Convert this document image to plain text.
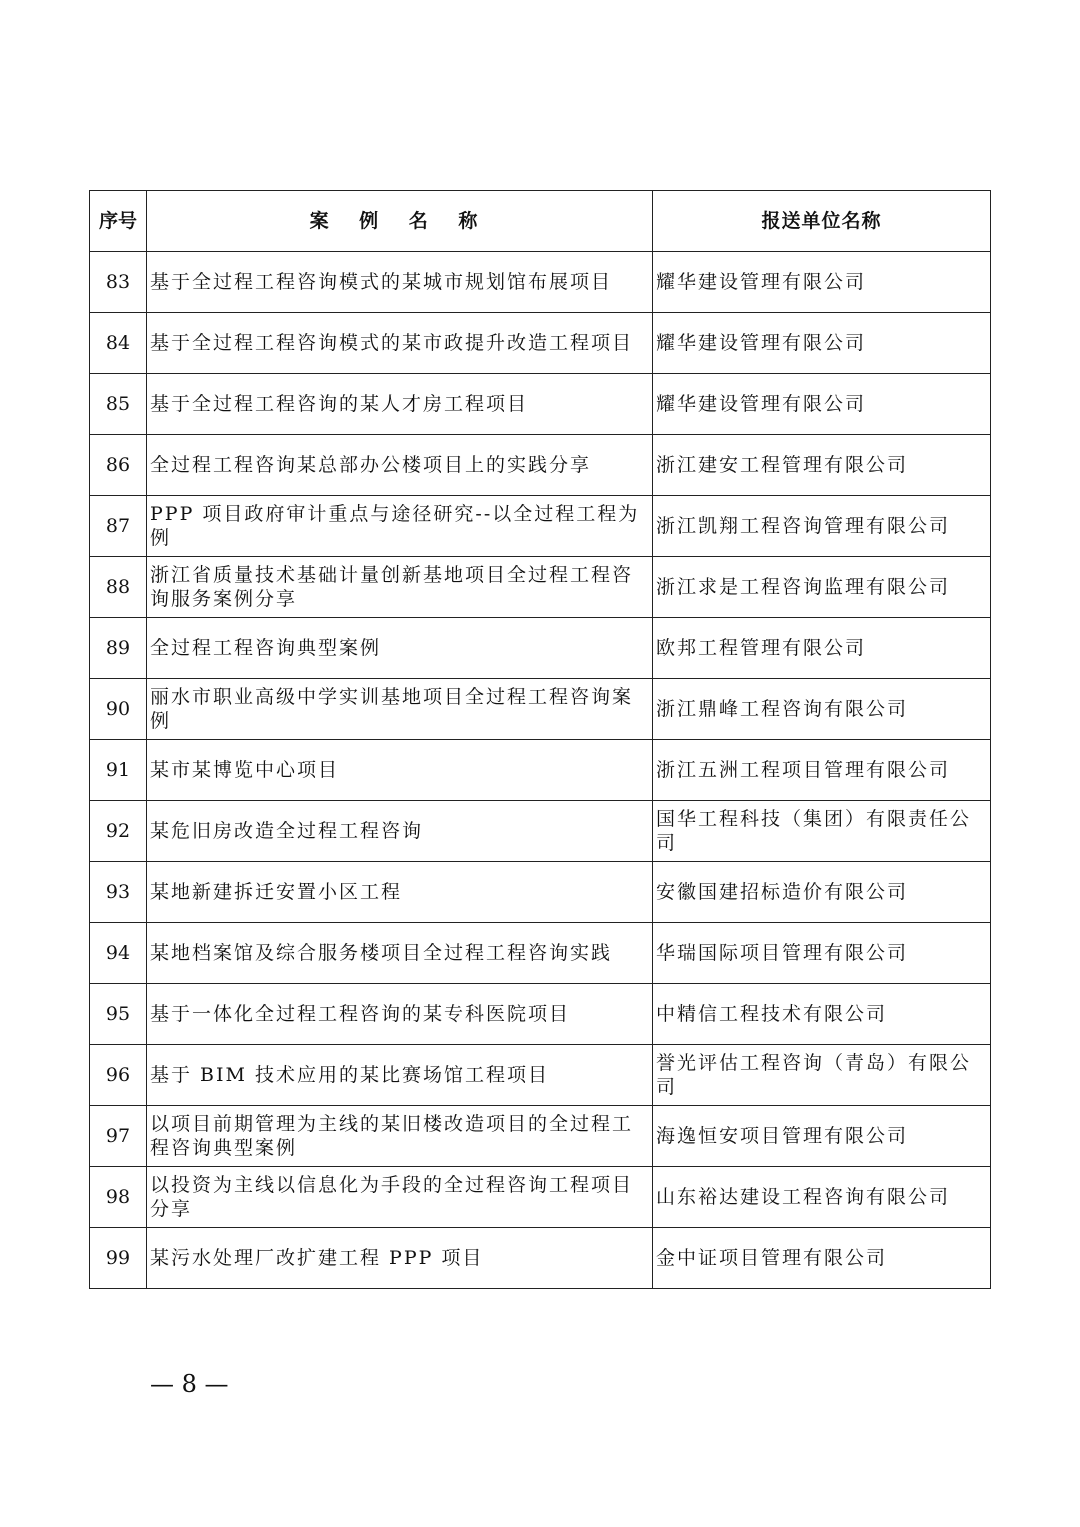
序号	案 例 名 称	报送单位名称
83	基于全过程工程咨询模式的某城市规划馆布展项目	耀华建设管理有限公司
84	基于全过程工程咨询模式的某市政提升改造工程项目	耀华建设管理有限公司
85	基于全过程工程咨询的某人才房工程项目	耀华建设管理有限公司
86	全过程工程咨询某总部办公楼项目上的实践分享	浙江建安工程管理有限公司
87	PPP 项目政府审计重点与途径研究--以全过程工程为例	浙江凯翔工程咨询管理有限公司
88	浙江省质量技术基础计量创新基地项目全过程工程咨询服务案例分享	浙江求是工程咨询监理有限公司
89	全过程工程咨询典型案例	欧邦工程管理有限公司
90	丽水市职业高级中学实训基地项目全过程工程咨询案例	浙江鼎峰工程咨询有限公司
91	某市某博览中心项目	浙江五洲工程项目管理有限公司
92	某危旧房改造全过程工程咨询	国华工程科技（集团）有限责任公司
93	某地新建拆迁安置小区工程	安徽国建招标造价有限公司
94	某地档案馆及综合服务楼项目全过程工程咨询实践	华瑞国际项目管理有限公司
95	基于一体化全过程工程咨询的某专科医院项目	中精信工程技术有限公司
96	基于 BIM 技术应用的某比赛场馆工程项目	誉光评估工程咨询（青岛）有限公司
97	以项目前期管理为主线的某旧楼改造项目的全过程工程咨询典型案例	海逸恒安项目管理有限公司
98	以投资为主线以信息化为手段的全过程咨询工程项目分享	山东裕达建设工程咨询有限公司
99	某污水处理厂改扩建工程 PPP 项目	金中证项目管理有限公司
— 8 —
